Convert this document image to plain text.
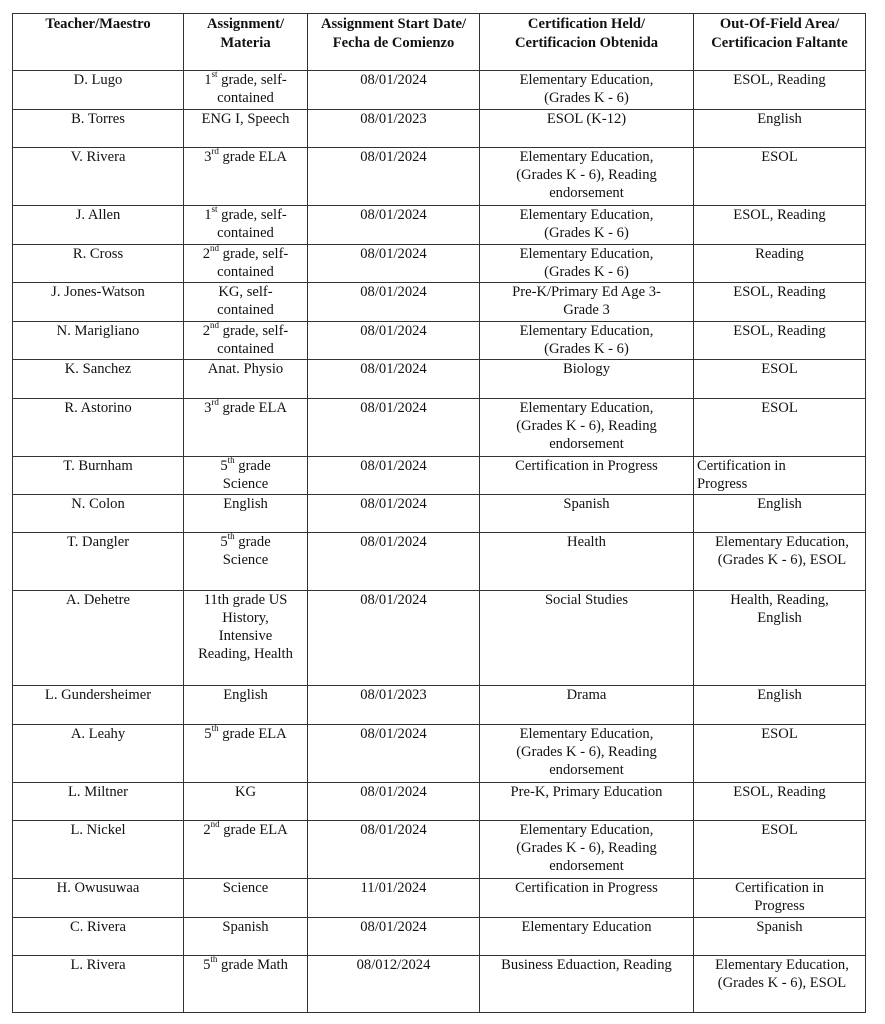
Teacher/Maestro	Assignment/ Materia	Assignment Start Date/ Fecha de Comienzo	Certification Held/ Certificacion Obtenida	Out-Of-Field Area/ Certificacion Faltante
D. Lugo	1st grade, self-contained	08/01/2024	Elementary Education, (Grades K - 6)	ESOL, Reading
B. Torres	ENG I, Speech	08/01/2023	ESOL (K-12)	English
V. Rivera	3rd grade ELA	08/01/2024	Elementary Education, (Grades K - 6), Reading endorsement	ESOL
J. Allen	1st grade, self-contained	08/01/2024	Elementary Education, (Grades K - 6)	ESOL, Reading
R. Cross	2nd grade, self-contained	08/01/2024	Elementary Education, (Grades K - 6)	Reading
J. Jones-Watson	KG, self-contained	08/01/2024	Pre-K/Primary Ed Age 3-Grade 3	ESOL, Reading
N. Marigliano	2nd grade, self-contained	08/01/2024	Elementary Education, (Grades K - 6)	ESOL, Reading
K. Sanchez	Anat. Physio	08/01/2024	Biology	ESOL
R. Astorino	3rd grade ELA	08/01/2024	Elementary Education, (Grades K - 6), Reading endorsement	ESOL
T. Burnham	5th grade Science	08/01/2024	Certification in Progress	Certification in Progress
N. Colon	English	08/01/2024	Spanish	English
T. Dangler	5th grade Science	08/01/2024	Health	Elementary Education, (Grades K - 6), ESOL
A. Dehetre	11th grade US History, Intensive Reading, Health	08/01/2024	Social Studies	Health, Reading, English
L. Gundersheimer	English	08/01/2023	Drama	English
A. Leahy	5th grade ELA	08/01/2024	Elementary Education, (Grades K - 6), Reading endorsement	ESOL
L. Miltner	KG	08/01/2024	Pre-K, Primary Education	ESOL, Reading
L. Nickel	2nd grade ELA	08/01/2024	Elementary Education, (Grades K - 6), Reading endorsement	ESOL
H. Owusuwaa	Science	11/01/2024	Certification in Progress	Certification in Progress
C. Rivera	Spanish	08/01/2024	Elementary Education	Spanish
L. Rivera	5th grade Math	08/012/2024	Business Eduaction, Reading	Elementary Education, (Grades K - 6), ESOL
